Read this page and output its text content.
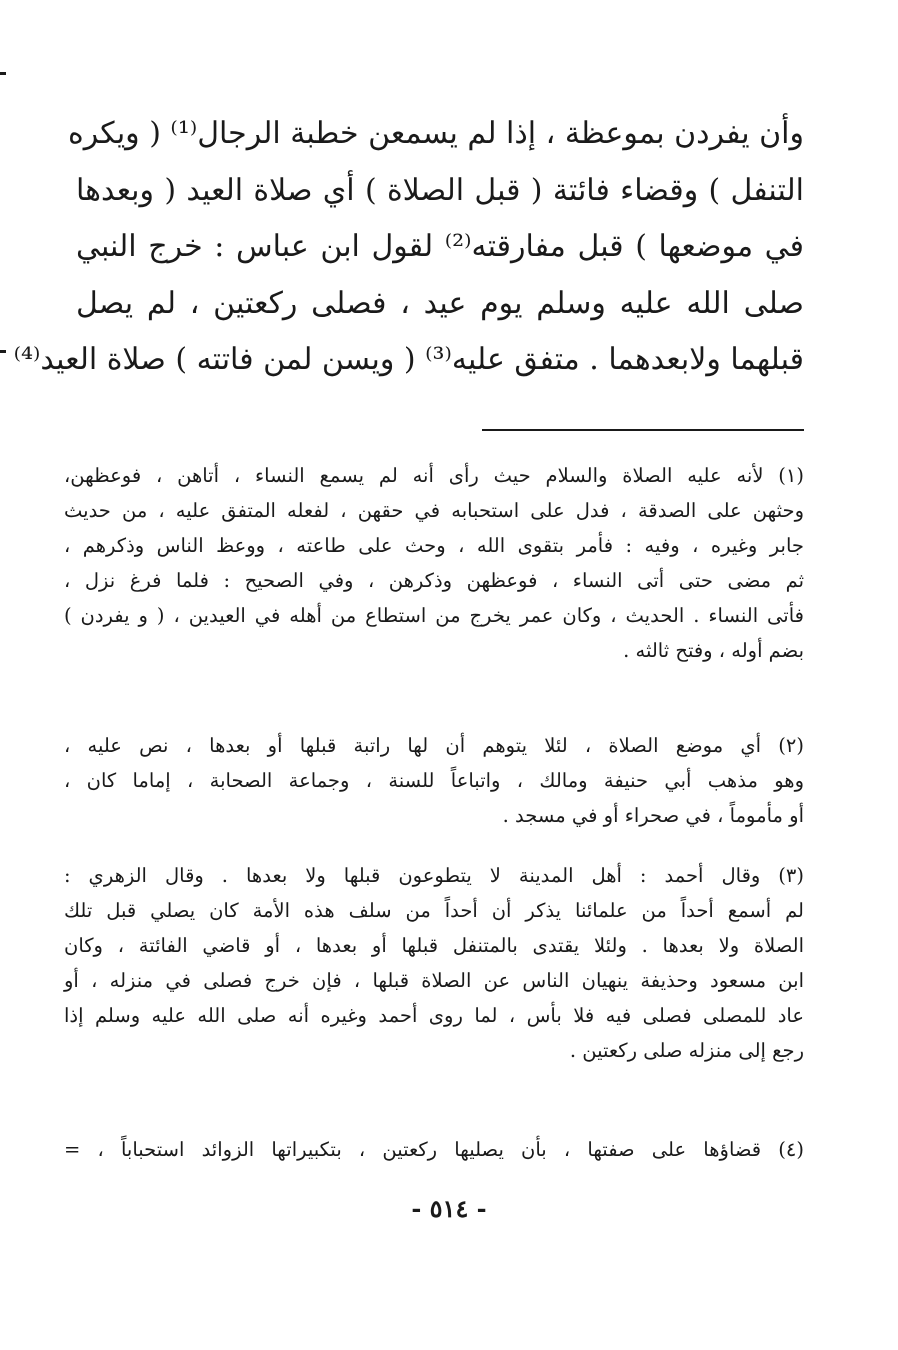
وأن يفردن بموعظة ، إذا لم يسمعن خطبة الرجال⁽¹⁾ ( ويكره
التنفل ) وقضاء فائتة ( قبل الصلاة ) أي صلاة العيد ( وبعدها
في موضعها ) قبل مفارقته⁽²⁾ لقول ابن عباس : خرج النبي
صلى الله عليه وسلم يوم عيد ، فصلى ركعتين ، لم يصل
قبلهما ولابعدهما . متفق عليه⁽³⁾ ( ويسن لمن فاتته ) صلاة العيد⁽⁴⁾
(١) لأنه عليه الصلاة والسلام حيث رأى أنه لم يسمع النساء ، أتاهن ، فوعظهن،
وحثهن على الصدقة ، فدل على استحبابه في حقهن ، لفعله المتفق عليه ، من حديث
جابر وغيره ، وفيه : فأمر بتقوى الله ، وحث على طاعته ، ووعظ الناس وذكرهم ،
ثم مضى حتى أتى النساء ، فوعظهن وذكرهن ، وفي الصحيح : فلما فرغ نزل ،
فأتى النساء . الحديث ، وكان عمر يخرج من استطاع من أهله في العيدين ، ( و يفردن )
بضم أوله ، وفتح ثالثه .
(٢) أي موضع الصلاة ، لئلا يتوهم أن لها راتبة قبلها أو بعدها ، نص عليه ،
وهو مذهب أبي حنيفة ومالك ، واتباعاً للسنة ، وجماعة الصحابة ، إماما كان ،
أو مأموماً ، في صحراء أو في مسجد .
(٣) وقال أحمد : أهل المدينة لا يتطوعون قبلها ولا بعدها . وقال الزهري :
لم أسمع أحداً من علمائنا يذكر أن أحداً من سلف هذه الأمة كان يصلي قبل تلك
الصلاة ولا بعدها . ولئلا يقتدى بالمتنفل قبلها أو بعدها ، أو قاضي الفائتة ، وكان
ابن مسعود وحذيفة ينهيان الناس عن الصلاة قبلها ، فإن خرج فصلى في منزله ، أو
عاد للمصلى فصلى فيه فلا بأس ، لما روى أحمد وغيره أنه صلى الله عليه وسلم إذا
رجع إلى منزله صلى ركعتين .
(٤) قضاؤها على صفتها ، بأن يصليها ركعتين ، بتكبيراتها الزوائد استحباباً ، =
- ٥١٤ -
